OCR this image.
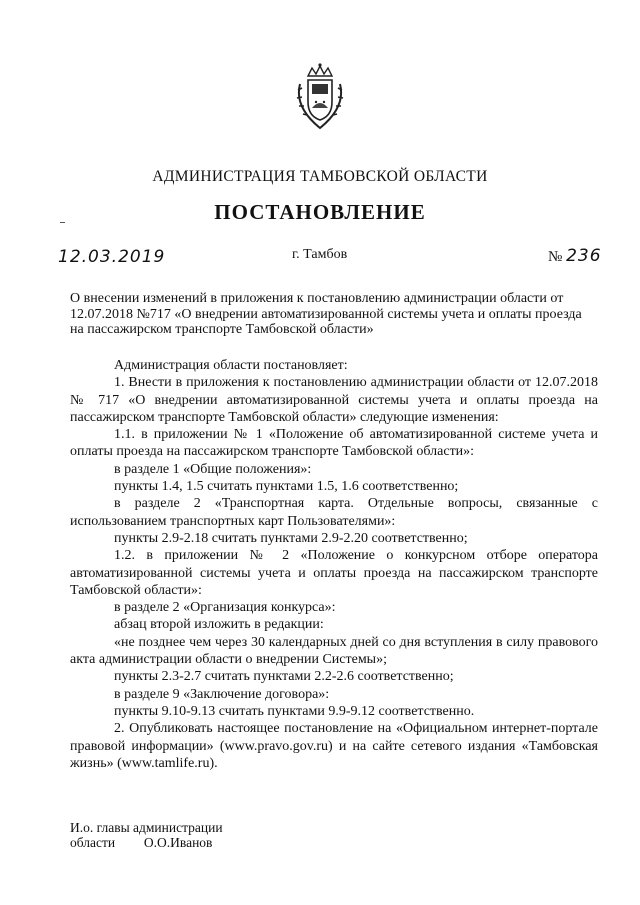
АДМИНИСТРАЦИЯ ТАМБОВСКОЙ ОБЛАСТИ
ПОСТАНОВЛЕНИЕ
12.03.2019	г. Тамбов	№ 236
О внесении изменений в приложения к постановлению администрации области от 12.07.2018 №717 «О внедрении автоматизированной системы учета и оплаты проезда на пассажирском транспорте Тамбовской области»

Администрация области постановляет:

1. Внести в приложения к постановлению администрации области от 12.07.2018 № 717 «О внедрении автоматизированной системы учета и оплаты проезда на пассажирском транспорте Тамбовской области» следующие изменения:

1.1. в приложении № 1 «Положение об автоматизированной системе учета и оплаты проезда на пассажирском транспорте Тамбовской области»:

в разделе 1 «Общие положения»:

пункты 1.4, 1.5 считать пунктами 1.5, 1.6 соответственно;

в разделе 2 «Транспортная карта. Отдельные вопросы, связанные с использованием транспортных карт Пользователями»:

пункты 2.9-2.18 считать пунктами 2.9-2.20 соответственно;

1.2. в приложении № 2 «Положение о конкурсном отборе оператора автоматизированной системы учета и оплаты проезда на пассажирском транспорте Тамбовской области»:

в разделе 2 «Организация конкурса»:

абзац второй изложить в редакции:

«не позднее чем через 30 календарных дней со дня вступления в силу правового акта администрации области о внедрении Системы»;

пункты 2.3-2.7 считать пунктами 2.2-2.6 соответственно;

в разделе 9 «Заключение договора»:

пункты 9.10-9.13 считать пунктами 9.9-9.12 соответственно.

2. Опубликовать настоящее постановление на «Официальном интернет-портале правовой информации» (www.pravo.gov.ru) и на сайте сетевого издания «Тамбовская жизнь» (www.tamlife.ru).

И.о. главы администрации
области О.О.Иванов
